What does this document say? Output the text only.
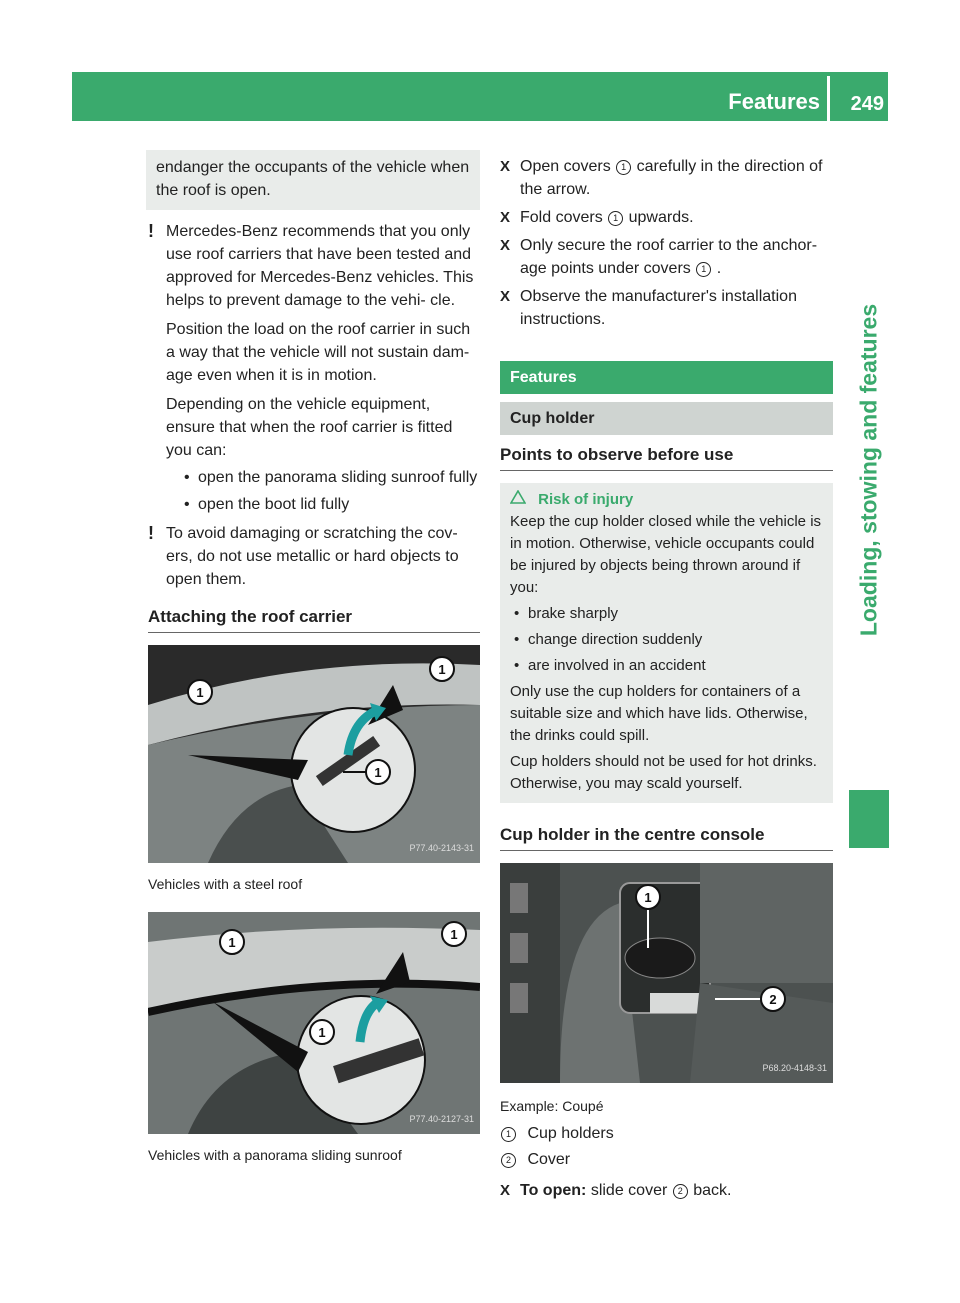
Features 249
Loading, stowing and features

endanger the occupants of the vehicle when the roof is open.

! Mercedes-Benz recommends that you only use roof carriers that have been tested and approved for Mercedes-Benz vehicles. This helps to prevent damage to the vehi- cle.

Position the load on the roof carrier in such a way that the vehicle will not sustain dam- age even when it is in motion.

Depending on the vehicle equipment, ensure that when the roof carrier is fitted you can:

• open the panorama sliding sunroof fully
• open the boot lid fully
! To avoid damaging or scratching the cov- ers, do not use metallic or hard objects to open them.

Attaching the roof carrier
1
1
1
P77.40-2143-31
Vehicles with a steel roof
1
1
1
P77.40-2127-31
Vehicles with a panorama sliding sunroof
X Open covers 1 carefully in the direction of the arrow.
X Fold covers 1 upwards.
X Only secure the roof carrier to the anchor- age points under covers 1 .
X Observe the manufacturer's installation instructions.
Features
Cup holder
Points to observe before use
Risk of injury

Keep the cup holder closed while the vehicle is in motion. Otherwise, vehicle occupants could be injured by objects being thrown around if you:

• brake sharply
• change direction suddenly
• are involved in an accident

Only use the cup holders for containers of a suitable size and which have lids. Otherwise, the drinks could spill.

Cup holders should not be used for hot drinks. Otherwise, you may scald yourself.

Cup holder in the centre console
1
2
P68.20-4148-31
Example: Coupé
1 Cup holders
2 Cover
X To open: slide cover 2 back.
